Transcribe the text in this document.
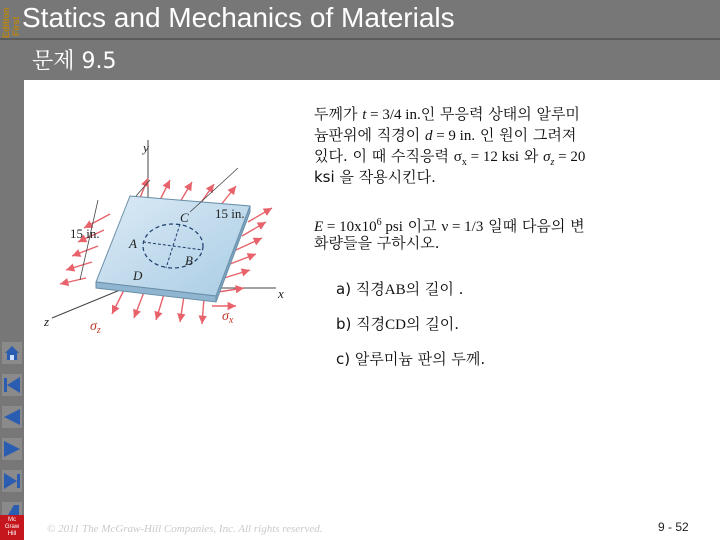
First
Edition Statics and Mechanics of Materials
문제 9.5
Mc
Graw
Hill
y
x
z
A
B
C
D
15 in.
15 in.
$\sigma_x$
$\sigma_z$
두께가 t = 3/4 in.인 무응력 상태의 알루미
늄판위에 직경이 d = 9 in. 인 원이 그려져
있다. 이 때 수직응력 $\sigma_x = 12$ ksi 와 $\sigma_z = 20$
ksi 을 작용시킨다.
$E = 10x10^6$ psi 이고 ν = 1/3 일때 다음의 변
화량들을 구하시오.
a) 직경AB의 길이 .
b) 직경CD의 길이.
c) 알루미늄 판의 두께.
© 2011 The McGraw-Hill Companies, Inc. All rights reserved.	9 - 52
